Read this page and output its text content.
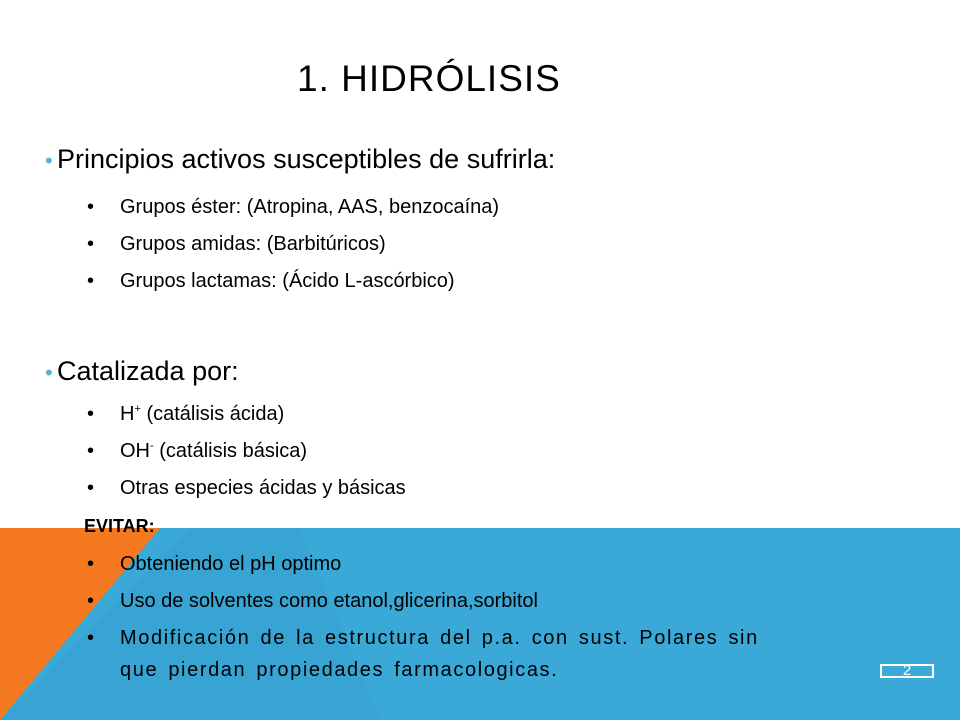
1. HIDRÓLISIS
• Principios activos susceptibles de sufrirla:
• Grupos éster: (Atropina, AAS, benzocaína)
• Grupos amidas: (Barbitúricos)
• Grupos lactamas: (Ácido L-ascórbico)
• Catalizada por:
• H+ (catálisis ácida)
• OH- (catálisis básica)
• Otras especies ácidas y básicas
EVITAR:
• Obteniendo el pH optimo
• Uso de solventes como etanol,glicerina,sorbitol
• Modificación de la estructura del p.a. con sust. Polares sin
que pierdan propiedades farmacologicas.	2
